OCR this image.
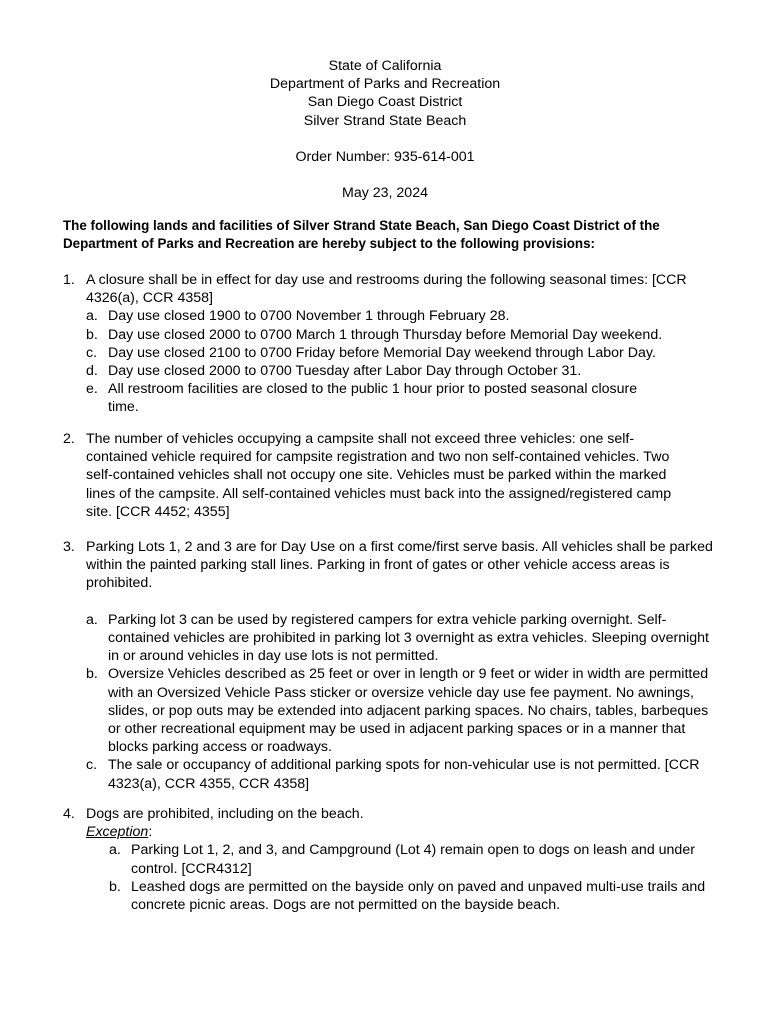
State of California
Department of Parks and Recreation
San Diego Coast District
Silver Strand State Beach
Order Number: 935-614-001
May 23, 2024
The following lands and facilities of Silver Strand State Beach, San Diego Coast District of the Department of Parks and Recreation are hereby subject to the following provisions:
1. A closure shall be in effect for day use and restrooms during the following seasonal times: [CCR 4326(a), CCR 4358]
a. Day use closed 1900 to 0700 November 1 through February 28.
b. Day use closed 2000 to 0700 March 1 through Thursday before Memorial Day weekend.
c. Day use closed 2100 to 0700 Friday before Memorial Day weekend through Labor Day.
d. Day use closed 2000 to 0700 Tuesday after Labor Day through October 31.
e. All restroom facilities are closed to the public 1 hour prior to posted seasonal closure time.
2. The number of vehicles occupying a campsite shall not exceed three vehicles: one self-contained vehicle required for campsite registration and two non self-contained vehicles. Two self-contained vehicles shall not occupy one site. Vehicles must be parked within the marked lines of the campsite. All self-contained vehicles must back into the assigned/registered camp site. [CCR 4452; 4355]
3. Parking Lots 1, 2 and 3 are for Day Use on a first come/first serve basis. All vehicles shall be parked within the painted parking stall lines. Parking in front of gates or other vehicle access areas is prohibited.
a. Parking lot 3 can be used by registered campers for extra vehicle parking overnight. Self-contained vehicles are prohibited in parking lot 3 overnight as extra vehicles. Sleeping overnight in or around vehicles in day use lots is not permitted.
b. Oversize Vehicles described as 25 feet or over in length or 9 feet or wider in width are permitted with an Oversized Vehicle Pass sticker or oversize vehicle day use fee payment. No awnings, slides, or pop outs may be extended into adjacent parking spaces. No chairs, tables, barbeques or other recreational equipment may be used in adjacent parking spaces or in a manner that blocks parking access or roadways.
c. The sale or occupancy of additional parking spots for non-vehicular use is not permitted. [CCR 4323(a), CCR 4355, CCR 4358]
4. Dogs are prohibited, including on the beach.
Exception:
a. Parking Lot 1, 2, and 3, and Campground (Lot 4) remain open to dogs on leash and under control. [CCR4312]
b. Leashed dogs are permitted on the bayside only on paved and unpaved multi-use trails and concrete picnic areas. Dogs are not permitted on the bayside beach.
